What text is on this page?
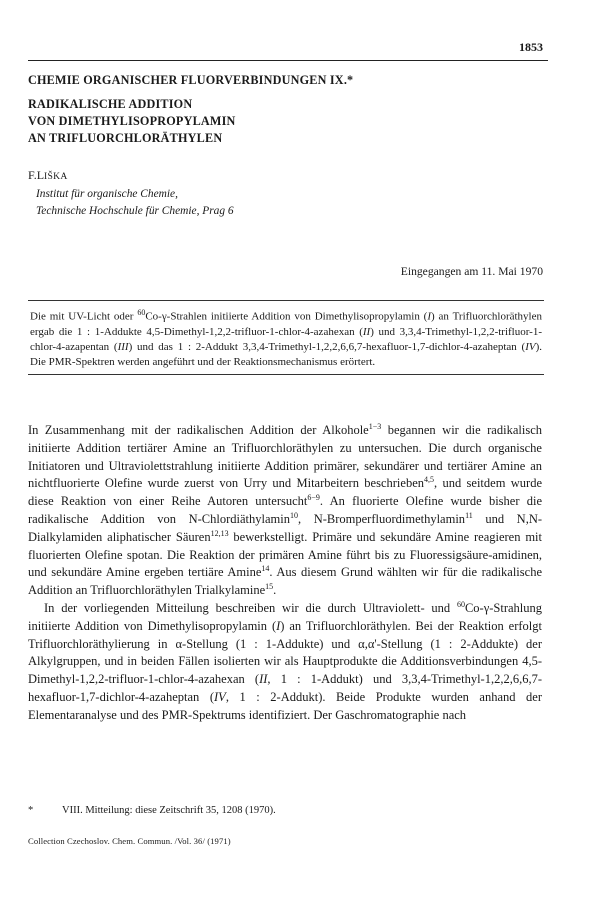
1853
CHEMIE ORGANISCHER FLUORVERBINDUNGEN IX.*
RADIKALISCHE ADDITION
VON DIMETHYLISOPROPYLAMIN
AN TRIFLUORCHLORÄTHYLEN
F.LIŠKA
Institut für organische Chemie,
Technische Hochschule für Chemie, Prag 6
Eingegangen am 11. Mai 1970
Die mit UV-Licht oder $^{60}$Co-γ-Strahlen initiierte Addition von Dimethylisopropylamin (I) an Trifluorchloräthylen ergab die 1 : 1-Addukte 4,5-Dimethyl-1,2,2-trifluor-1-chlor-4-azahexan (II) und 3,3,4-Trimethyl-1,2,2-trifluor-1-chlor-4-azapentan (III) und das 1 : 2-Addukt 3,3,4-Trimethyl-1,2,2,6,6,7-hexafluor-1,7-dichlor-4-azaheptan (IV). Die PMR-Spektren werden angeführt und der Reaktionsmechanismus erörtert.

In Zusammenhang mit der radikalischen Addition der Alkohole$^{1-3}$ begannen wir die radikalisch initiierte Addition tertiärer Amine an Trifluorchloräthylen zu untersuchen. Die durch organische Initiatoren und Ultraviolettstrahlung initiierte Addition primärer, sekundärer und tertiärer Amine an nichtfluorierte Olefine wurde zuerst von Urry und Mitarbeitern beschrieben$^{4,5}$, und seitdem wurde diese Reaktion von einer Reihe Autoren untersucht$^{6-9}$. An fluorierte Olefine wurde bisher die radikalische Addition von N-Chlordiäthylamin$^{10}$, N-Bromperfluordimethylamin$^{11}$ und N,N-Dialkylamiden aliphatischer Säuren$^{12,13}$ bewerkstelligt. Primäre und sekundäre Amine reagieren mit fluorierten Olefine spotan. Die Reaktion der primären Amine führt bis zu Fluoressigsäure-amidinen, und sekundäre Amine ergeben tertiäre Amine$^{14}$. Aus diesem Grund wählten wir für die radikalische Addition an Trifluorchloräthylen Trialkylamine$^{15}$.

In der vorliegenden Mitteilung beschreiben wir die durch Ultraviolett- und $^{60}$Co-γ-Strahlung initiierte Addition von Dimethylisopropylamin (I) an Trifluorchloräthylen. Bei der Reaktion erfolgt Trifluorchloräthylierung in α-Stellung (1 : 1-Addukte) und α,α'-Stellung (1 : 2-Addukte) der Alkylgruppen, und in beiden Fällen isolierten wir als Hauptprodukte die Additionsverbindungen 4,5-Dimethyl-1,2,2-trifluor-1-chlor-4-azahexan (II, 1 : 1-Addukt) und 3,3,4-Trimethyl-1,2,2,6,6,7-hexafluor-1,7-dichlor-4-azaheptan (IV, 1 : 2-Addukt). Beide Produkte wurden anhand der Elementaranalyse und des PMR-Spektrums identifiziert. Der Gaschromatographie nach

*	VIII. Mitteilung: diese Zeitschrift 35, 1208 (1970).
Collection Czechoslov. Chem. Commun. /Vol. 36/ (1971)
